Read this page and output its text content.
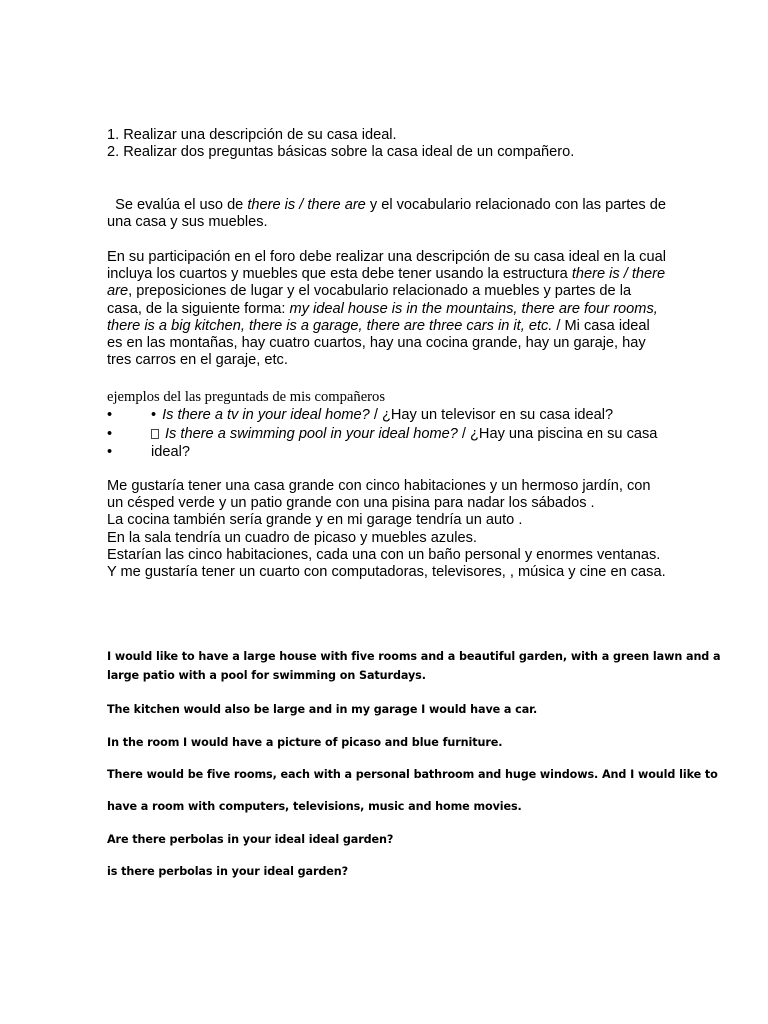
1. Realizar una descripción de su casa ideal.
2. Realizar dos preguntas básicas sobre la casa ideal de un compañero.
Se evalúa el uso de there is / there are y el vocabulario relacionado con las partes de
una casa y sus muebles.
En su participación en el foro debe realizar una descripción de su casa ideal en la cual
incluya los cuartos y muebles que esta debe tener usando la estructura there is / there
are, preposiciones de lugar y el vocabulario relacionado a muebles y partes de la
casa, de la siguiente forma: my ideal house is in the mountains, there are four rooms,
there is a big kitchen, there is a garage, there are three cars in it, etc. / Mi casa ideal
es en las montañas, hay cuatro cuartos, hay una cocina grande, hay un garaje, hay
tres carros en el garaje, etc.
ejemplos del las preguntads de mis compañeros
•	• Is there a tv in your ideal home? / ¿Hay un televisor en su casa ideal?
•	Is there a swimming pool in your ideal home? / ¿Hay una piscina en su casa
•	ideal?
Me gustaría tener una casa grande con cinco habitaciones y un hermoso jardín, con
un césped verde y un patio grande con una pisina para nadar los sábados .
La cocina también sería grande y en mi garage tendría un auto .
En la sala tendría un cuadro de picaso y muebles azules.
Estarían las cinco habitaciones, cada una con un baño personal y enormes ventanas.
Y me gustaría tener un cuarto con computadoras, televisores, , música y cine en casa.
I would like to have a large house with five rooms and a beautiful garden, with a green lawn and a
large patio with a pool for swimming on Saturdays.
The kitchen would also be large and in my garage I would have a car.
In the room I would have a picture of picaso and blue furniture.
There would be five rooms, each with a personal bathroom and huge windows. And I would like to
have a room with computers, televisions, music and home movies.
Are there perbolas in your ideal ideal garden?
is there perbolas in your ideal garden?
